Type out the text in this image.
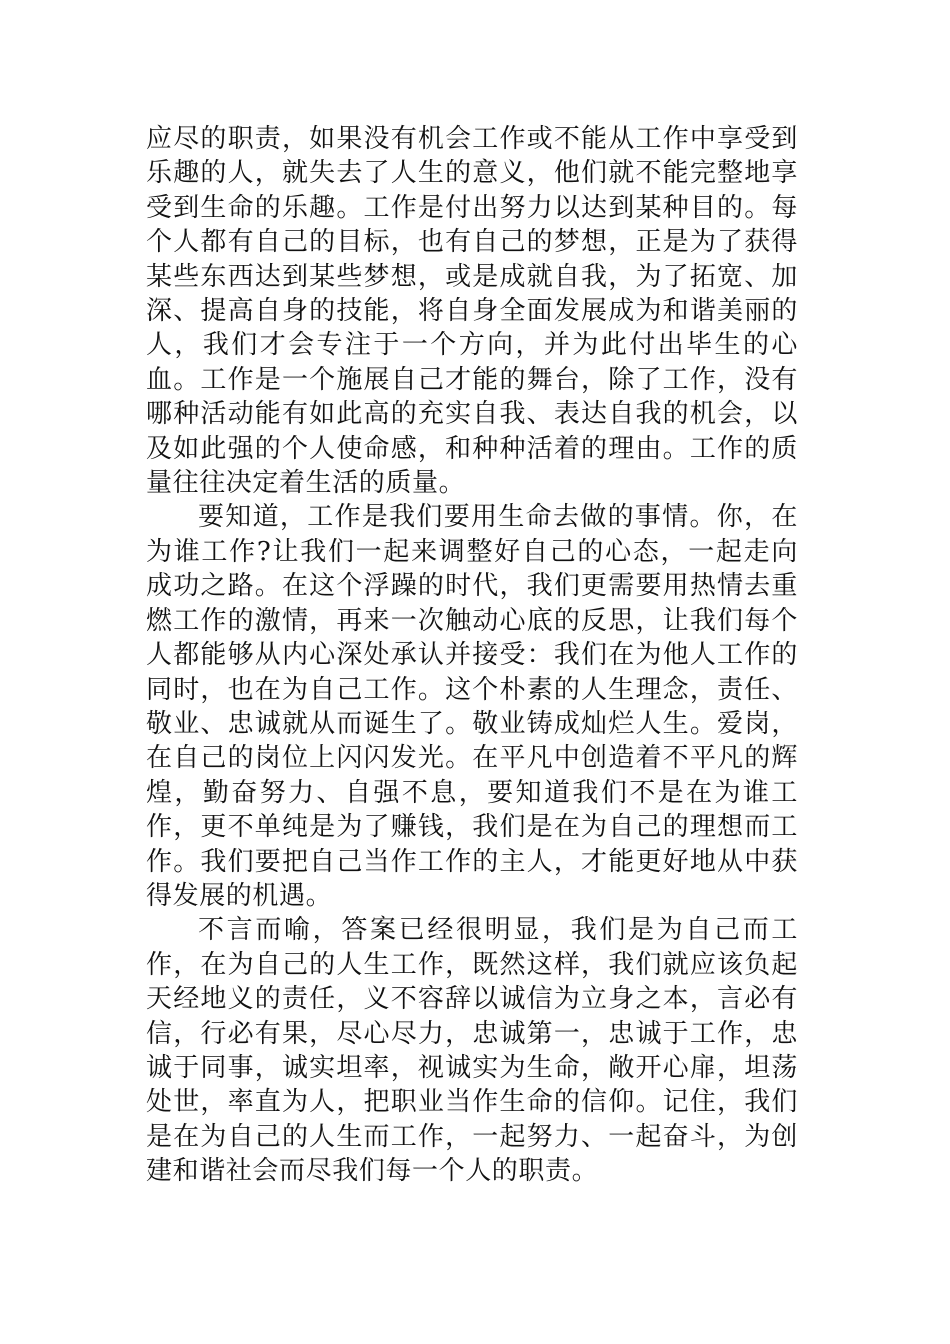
应尽的职责，如果没有机会工作或不能从工作中享受到乐趣的人，就失去了人生的意义，他们就不能完整地享受到生命的乐趣。工作是付出努力以达到某种目的。每个人都有自己的目标，也有自己的梦想，正是为了获得某些东西达到某些梦想，或是成就自我，为了拓宽、加深、提高自身的技能，将自身全面发展成为和谐美丽的人，我们才会专注于一个方向，并为此付出毕生的心血。工作是一个施展自己才能的舞台，除了工作，没有哪种活动能有如此高的充实自我、表达自我的机会，以及如此强的个人使命感，和种种活着的理由。工作的质量往往决定着生活的质量。

要知道，工作是我们要用生命去做的事情。你，在为谁工作?让我们一起来调整好自己的心态，一起走向成功之路。在这个浮躁的时代，我们更需要用热情去重燃工作的激情，再来一次触动心底的反思，让我们每个人都能够从内心深处承认并接受：我们在为他人工作的同时，也在为自己工作。这个朴素的人生理念，责任、敬业、忠诚就从而诞生了。敬业铸成灿烂人生。爱岗，在自己的岗位上闪闪发光。在平凡中创造着不平凡的辉煌，勤奋努力、自强不息，要知道我们不是在为谁工作，更不单纯是为了赚钱，我们是在为自己的理想而工作。我们要把自己当作工作的主人，才能更好地从中获得发展的机遇。

不言而喻，答案已经很明显，我们是为自己而工作，在为自己的人生工作，既然这样，我们就应该负起天经地义的责任，义不容辞以诚信为立身之本，言必有信，行必有果，尽心尽力，忠诚第一，忠诚于工作，忠诚于同事，诚实坦率，视诚实为生命，敞开心扉，坦荡处世，率直为人，把职业当作生命的信仰。记住，我们是在为自己的人生而工作，一起努力、一起奋斗，为创建和谐社会而尽我们每一个人的职责。
